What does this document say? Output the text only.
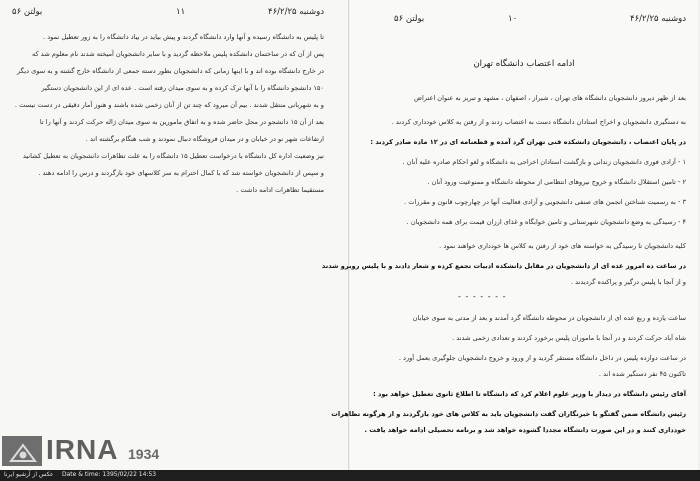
بولتن ۵۶	۱۱	دوشنبه ۴۶/۲/۲۵
تا پلیس به دانشگاه رسیده و آنها وارد دانشگاه گردند و پیش بیاید در بیاد دانشگاه را به زور تعطیل نمود .
پس از آن که در ساختمان دانشکده پلیس ملاحظه گردید و با سایر دانشجویان آمیخته شدند نام معلوم شد که
در خارج دانشگاه بوده اند و با اینها زمانی که دانشجویان بطور دسته جمعی از دانشگاه خارج گشته و به سوی دیگر
۱۵۰ دانشجو دانشگاه را با آنها ترک کرده و به سوی میدان رفته است . عده ای از این دانشجویان دستگیر
و به شهربانی منتقل شدند . بیم آن میرود که چند تن از آنان زخمی شده باشند و هنوز آمار دقیقی در دست نیست .
بعد از آن ۱۵ دانشجو در محل حاضر شده و به اتفاق مامورین به سوی میدان ژاله حرکت کردند و آنها را تا
ارتفاعات شهر نو در خیابان و در میدان فروشگاه دنبال نمودند و شب هنگام برگشته اند .
نیز وضعیت اداره کل دانشگاه با درخواست تعطیل ۱۵ دانشگاه را به علت تظاهرات دانشجویان به تعطیل کشانید
و سپس از دانشجویان خواسته شد که با کمال احترام به سر کلاسهای خود بازگردند و درس را ادامه دهند .
مستقیما تظاهرات ادامه داشت .
IRNA 1934
بولتن ۵۶	۱۰	دوشنبه ۴۶/۲/۲۵
ادامه اعتصاب دانشگاه تهران
بعد از ظهر دیروز دانشجویان دانشگاه های تهران ، شیراز ، اصفهان ، مشهد و تبریز به عنوان اعتراض
به دستگیری دانشجویان و اخراج استادان دانشگاه دست به اعتصاب زدند و از رفتن به کلاس خودداری کردند .
در پایان اعتصاب ، دانشجویان دانشکده فنی تهران گرد آمده و قطعنامه ای در ۱۲ ماده صادر کردند :
۱ - آزادی فوری دانشجویان زندانی و بازگشت استادان اخراجی به دانشگاه و لغو احکام صادره علیه آنان .
۲ - تامین استقلال دانشگاه و خروج نیروهای انتظامی از محوطه دانشگاه و ممنوعیت ورود آنان .
۳ - به رسمیت شناختن انجمن های صنفی دانشجویی و آزادی فعالیت آنها در چهارچوب قانون و مقررات .
۴ - رسیدگی به وضع دانشجویان شهرستانی و تامین خوابگاه و غذای ارزان قیمت برای همه دانشجویان .
کلیه دانشجویان تا رسیدگی به خواسته های خود از رفتن به کلاس ها خودداری خواهند نمود .
در ساعت ده امروز عده ای از دانشجویان در مقابل دانشکده ادبیات تجمع کرده و شعار دادند و با پلیس روبرو شدند
و از آنجا با پلیس درگیر و پراکنده گردیدند .
ساعت یازده و ربع عده ای از دانشجویان در محوطه دانشگاه گرد آمدند و بعد از مدتی به سوی خیابان
شاه آباد حرکت کردند و در آنجا با ماموران پلیس برخورد کردند و تعدادی زخمی شدند .
در ساعت دوازده پلیس در داخل دانشگاه مستقر گردید و از ورود و خروج دانشجویان جلوگیری بعمل آورد .
تاکنون ۴۵ نفر دستگیر شده اند .
آقای رئیس دانشگاه در دیدار با وزیر علوم اعلام کرد که دانشگاه تا اطلاع ثانوی تعطیل خواهد بود :
رئیس دانشگاه ضمن گفتگو با خبرنگاران گفت دانشجویان باید به کلاس های خود بازگردند و از هرگونه تظاهرات
خودداری کنند و در این صورت دانشگاه مجددا گشوده خواهد شد و برنامه تحصیلی ادامه خواهد یافت .
- - - - - - -
عکس از آرشیو ایرنا Date & time: 1395/02/22 14:53
